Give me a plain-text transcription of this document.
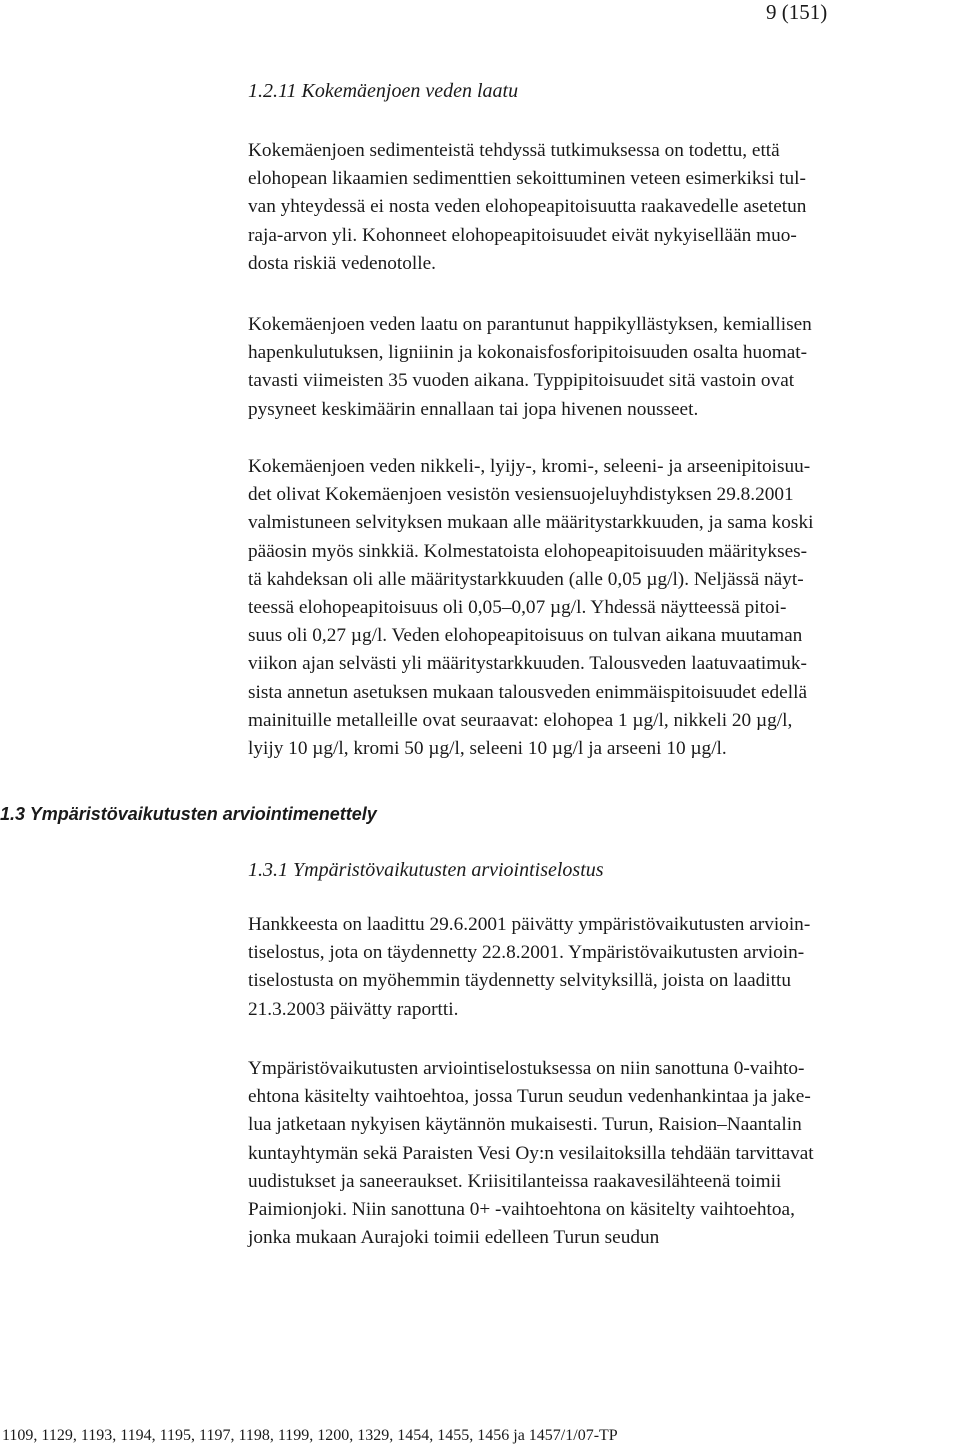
9 (151)
1.2.11 Kokemäenjoen veden laatu

Kokemäenjoen sedimenteistä tehdyssä tutkimuksessa on todettu, että
elohopean likaamien sedimenttien sekoittuminen veteen esimerkiksi tul-
van yhteydessä ei nosta veden elohopeapitoisuutta raakavedelle asetetun
raja-arvon yli. Kohonneet elohopeapitoisuudet eivät nykyisellään muo-
dosta riskiä vedenotolle.

Kokemäenjoen veden laatu on parantunut happikyllästyksen, kemiallisen
hapenkulutuksen, ligniinin ja kokonaisfosforipitoisuuden osalta huomat-
tavasti viimeisten 35 vuoden aikana. Typpipitoisuudet sitä vastoin ovat
pysyneet keskimäärin ennallaan tai jopa hivenen nousseet.

Kokemäenjoen veden nikkeli-, lyijy-, kromi-, seleeni- ja arseenipitoisuu-
det olivat Kokemäenjoen vesistön vesiensuojeluyhdistyksen 29.8.2001
valmistuneen selvityksen mukaan alle määritystarkkuuden, ja sama koski
pääosin myös sinkkiä. Kolmestatoista elohopeapitoisuuden määritykses-
tä kahdeksan oli alle määritystarkkuuden (alle 0,05 µg/l). Neljässä näyt-
teessä elohopeapitoisuus oli 0,05–0,07 µg/l. Yhdessä näytteessä pitoi-
suus oli 0,27 µg/l. Veden elohopeapitoisuus on tulvan aikana muutaman
viikon ajan selvästi yli määritystarkkuuden. Talousveden laatuvaatimuk-
sista annetun asetuksen mukaan talousveden enimmäispitoisuudet edellä
mainituille metalleille ovat seuraavat: elohopea 1 µg/l, nikkeli 20 µg/l,
lyijy 10 µg/l, kromi 50 µg/l, seleeni 10 µg/l ja arseeni 10 µg/l.

1.3 Ympäristövaikutusten arviointimenettely
1.3.1 Ympäristövaikutusten arviointiselostus

Hankkeesta on laadittu 29.6.2001 päivätty ympäristövaikutusten arvioin-
tiselostus, jota on täydennetty 22.8.2001. Ympäristövaikutusten arvioin-
tiselostusta on myöhemmin täydennetty selvityksillä, joista on laadittu
21.3.2003 päivätty raportti.

Ympäristövaikutusten arviointiselostuksessa on niin sanottuna 0-vaihto-
ehtona käsitelty vaihtoehtoa, jossa Turun seudun vedenhankintaa ja jake-
lua jatketaan nykyisen käytännön mukaisesti. Turun, Raision–Naantalin
kuntayhtymän sekä Paraisten Vesi Oy:n vesilaitoksilla tehdään tarvittavat
uudistukset ja saneeraukset. Kriisitilanteissa raakavesilähteenä toimii
Paimionjoki. Niin sanottuna 0+ -vaihtoehtona on käsitelty vaihtoehtoa,
jonka mukaan Aurajoki toimii edelleen Turun seudun

1109, 1129, 1193, 1194, 1195, 1197, 1198, 1199, 1200, 1329, 1454, 1455, 1456 ja 1457/1/07-TP
